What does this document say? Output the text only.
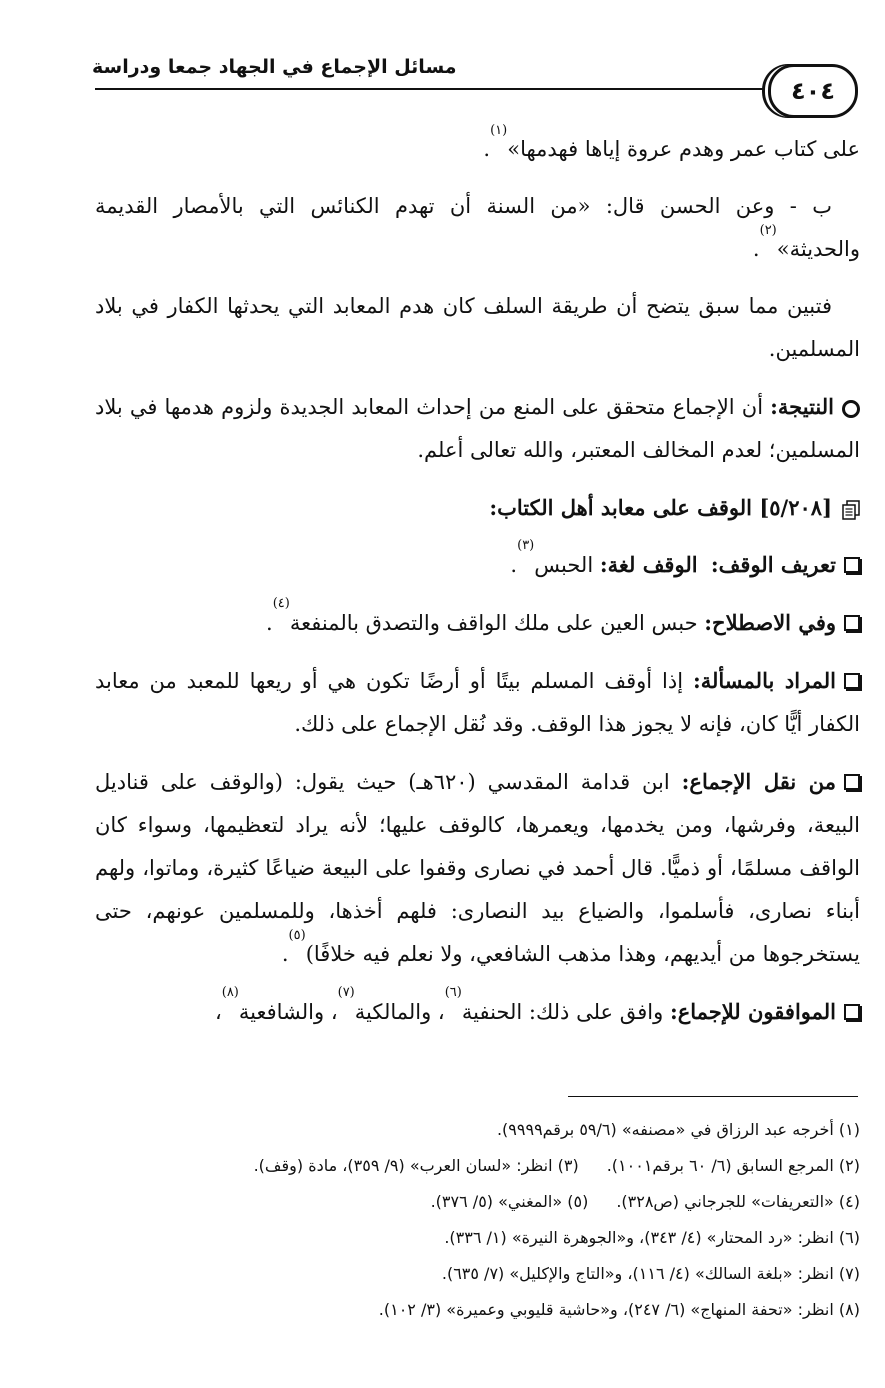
مسائل الإجماع في الجهاد جمعا ودراسة
٤٠٤

على كتاب عمر وهدم عروة إياها فهدمها»$^{(١)}$.

ب - وعن الحسن قال: «من السنة أن تهدم الكنائس التي بالأمصار القديمة والحديثة»$^{(٢)}$.

فتبين مما سبق يتضح أن طريقة السلف كان هدم المعابد التي يحدثها الكفار في بلاد المسلمين.

النتيجة: أن الإجماع متحقق على المنع من إحداث المعابد الجديدة ولزوم هدمها في بلاد المسلمين؛ لعدم المخالف المعتبر، والله تعالى أعلم.

[٥/٢٠٨] الوقف على معابد أهل الكتاب:

تعريف الوقف:  الوقف لغة: الحبس$^{(٣)}$.

وفي الاصطلاح: حبس العين على ملك الواقف والتصدق بالمنفعة$^{(٤)}$.

المراد بالمسألة: إذا أوقف المسلم بيتًا أو أرضًا تكون هي أو ريعها للمعبد من معابد الكفار أيًّا كان، فإنه لا يجوز هذا الوقف. وقد نُقل الإجماع على ذلك.

من نقل الإجماع: ابن قدامة المقدسي (٦٢٠هـ) حيث يقول: (والوقف على قناديل البيعة، وفرشها، ومن يخدمها، ويعمرها، كالوقف عليها؛ لأنه يراد لتعظيمها، وسواء كان الواقف مسلمًا، أو ذميًّا. قال أحمد في نصارى وقفوا على البيعة ضياعًا كثيرة، وماتوا، ولهم أبناء نصارى، فأسلموا، والضياع بيد النصارى: فلهم أخذها، وللمسلمين عونهم، حتى يستخرجوها من أيديهم، وهذا مذهب الشافعي، ولا نعلم فيه خلافًا)$^{(٥)}$.

الموافقون للإجماع: وافق على ذلك: الحنفية$^{(٦)}$، والمالكية$^{(٧)}$، والشافعية$^{(٨)}$،

(١) أخرجه عبد الرزاق في «مصنفه» (٥٩/٦ برقم٩٩٩٩).
(٢) المرجع السابق (٦/ ٦٠ برقم١٠٠١).(٣) انظر: «لسان العرب» (٩/ ٣٥٩)، مادة (وقف).
(٤) «التعريفات» للجرجاني (ص٣٢٨).(٥) «المغني» (٥/ ٣٧٦).
(٦) انظر: «رد المحتار» (٤/ ٣٤٣)، و«الجوهرة النيرة» (١/ ٣٣٦).
(٧) انظر: «بلغة السالك» (٤/ ١١٦)، و«التاج والإكليل» (٧/ ٦٣٥).
(٨) انظر: «تحفة المنهاج» (٦/ ٢٤٧)، و«حاشية قليوبي وعميرة» (٣/ ١٠٢).
